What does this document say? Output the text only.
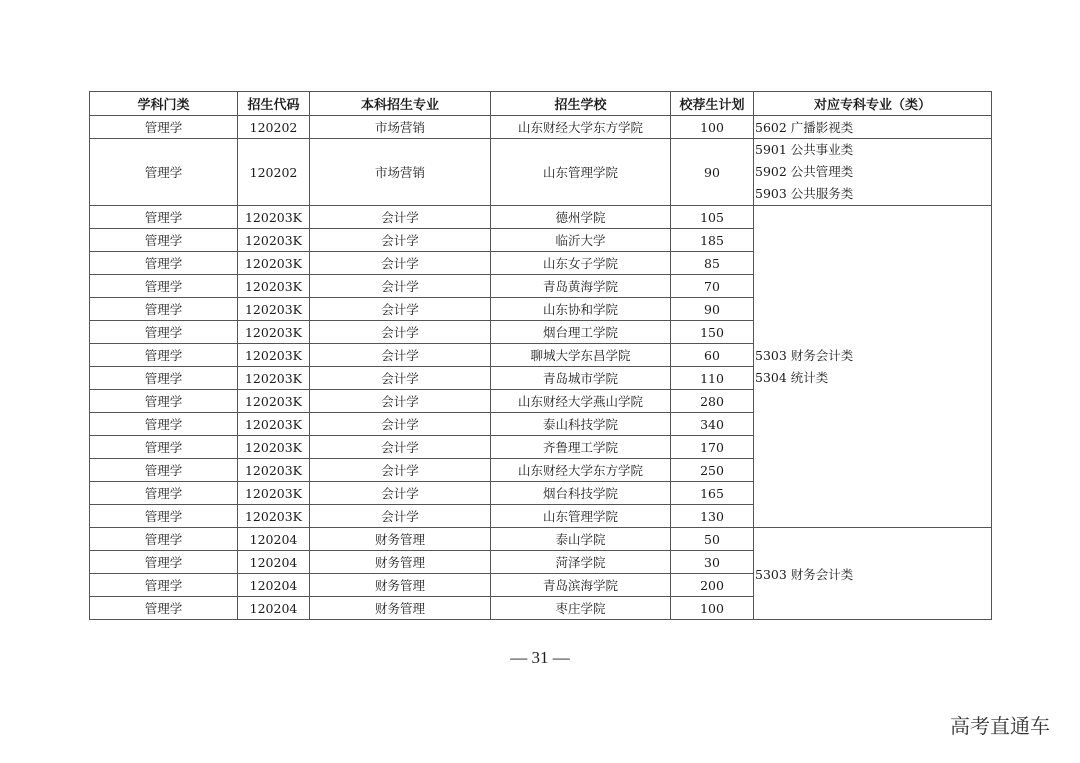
学科门类	招生代码	本科招生专业	招生学校	校荐生计划	对应专科专业（类）
管理学	120202	市场营销	山东财经大学东方学院	100	5602 广播影视类
管理学	120202	市场营销	山东管理学院	90	5901 公共事业类
5902 公共管理类
5903 公共服务类

管理学	120203K	会计学	德州学院	105	5303 财务会计类
5304 统计类

管理学	120203K	会计学	临沂大学	185	
管理学	120203K	会计学	山东女子学院	85	
管理学	120203K	会计学	青岛黄海学院	70	
管理学	120203K	会计学	山东协和学院	90	
管理学	120203K	会计学	烟台理工学院	150	
管理学	120203K	会计学	聊城大学东昌学院	60	
管理学	120203K	会计学	青岛城市学院	110	
管理学	120203K	会计学	山东财经大学燕山学院	280	
管理学	120203K	会计学	泰山科技学院	340	
管理学	120203K	会计学	齐鲁理工学院	170	
管理学	120203K	会计学	山东财经大学东方学院	250	
管理学	120203K	会计学	烟台科技学院	165	
管理学	120203K	会计学	山东管理学院	130	
管理学	120204	财务管理	泰山学院	50	5303 财务会计类
管理学	120204	财务管理	菏泽学院	30	
管理学	120204	财务管理	青岛滨海学院	200	
管理学	120204	财务管理	枣庄学院	100	
— 31 —
高考直通车
